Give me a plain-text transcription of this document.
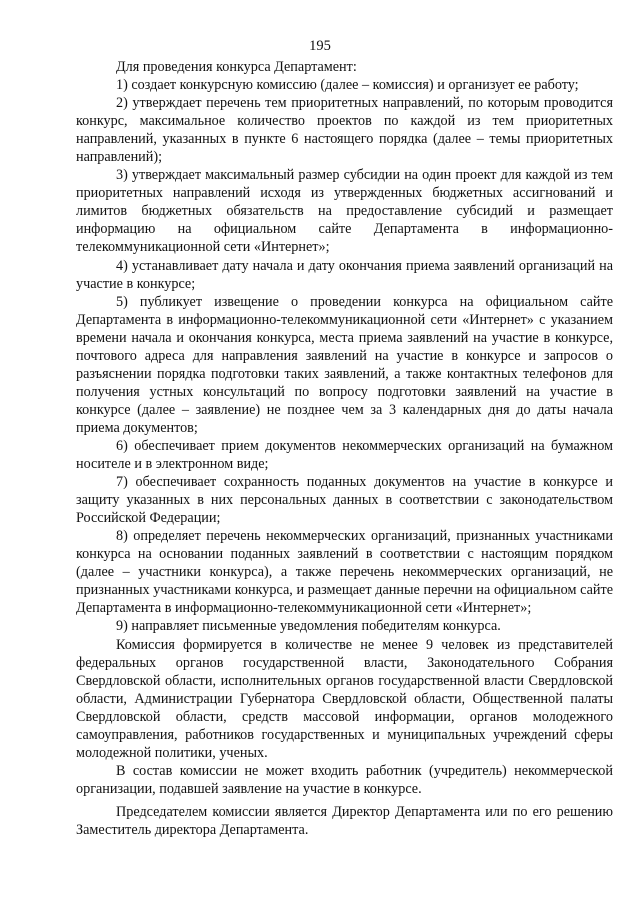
195

Для проведения конкурса Департамент:

1) создает конкурсную комиссию (далее – комиссия) и организует ее работу;

2) утверждает перечень тем приоритетных направлений, по которым проводится конкурс, максимальное количество проектов по каждой из тем приоритетных направлений, указанных в пункте 6 настоящего порядка (далее – темы приоритетных направлений);

3) утверждает максимальный размер субсидии на один проект для каждой из тем приоритетных направлений исходя из утвержденных бюджетных ассигнований и лимитов бюджетных обязательств на предоставление субсидий и размещает информацию на официальном сайте Департамента в информационно-телекоммуникационной сети «Интернет»;

4) устанавливает дату начала и дату окончания приема заявлений организаций на участие в конкурсе;

5) публикует извещение о проведении конкурса на официальном сайте Департамента в информационно-телекоммуникационной сети «Интернет» с указанием времени начала и окончания конкурса, места приема заявлений на участие в конкурсе, почтового адреса для направления заявлений на участие в конкурсе и запросов о разъяснении порядка подготовки таких заявлений, а также контактных телефонов для получения устных консультаций по вопросу подготовки заявлений на участие в конкурсе (далее – заявление) не позднее чем за 3 календарных дня до даты начала приема документов;

6) обеспечивает прием документов некоммерческих организаций на бумажном носителе и в электронном виде;

7) обеспечивает сохранность поданных документов на участие в конкурсе и защиту указанных в них персональных данных в соответствии с законодательством Российской Федерации;

8) определяет перечень некоммерческих организаций, признанных участниками конкурса на основании поданных заявлений в соответствии с настоящим порядком (далее – участники конкурса), а также перечень некоммерческих организаций, не признанных участниками конкурса, и размещает данные перечни на официальном сайте Департамента в информационно-телекоммуникационной сети «Интернет»;

9) направляет письменные уведомления победителям конкурса.

Комиссия формируется в количестве не менее 9 человек из представителей федеральных органов государственной власти, Законодательного Собрания Свердловской области, исполнительных органов государственной власти Свердловской области, Администрации Губернатора Свердловской области, Общественной палаты Свердловской области, средств массовой информации, органов молодежного самоуправления, работников государственных и муниципальных учреждений сферы молодежной политики, ученых.

В состав комиссии не может входить работник (учредитель) некоммерческой организации, подавшей заявление на участие в конкурсе.

Председателем комиссии является Директор Департамента или по его решению Заместитель директора Департамента.
